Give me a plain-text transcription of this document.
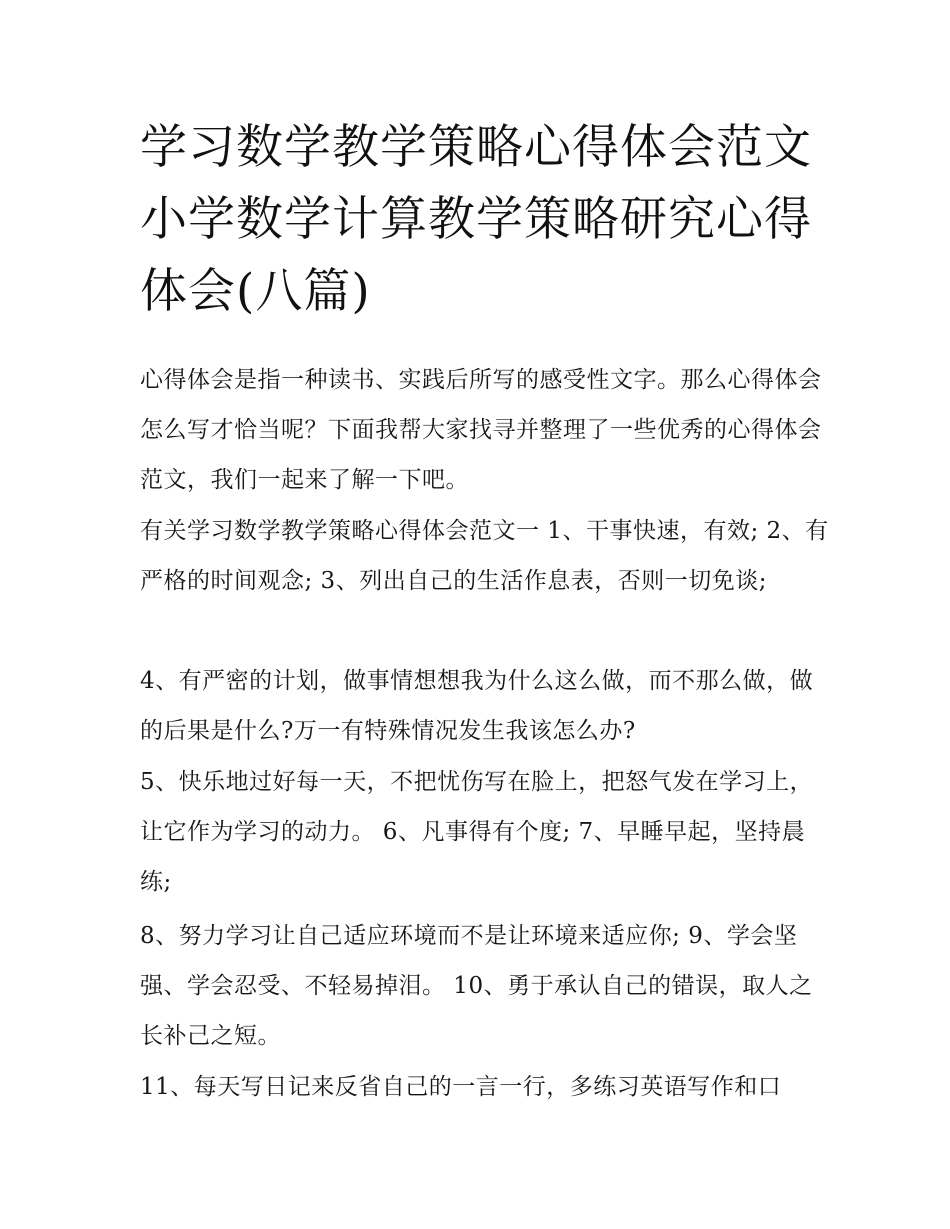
学习数学教学策略心得体会范文 小学数学计算教学策略研究心得体会(八篇)

心得体会是指一种读书、实践后所写的感受性文字。那么心得体会怎么写才恰当呢？下面我帮大家找寻并整理了一些优秀的心得体会范文，我们一起来了解一下吧。

有关学习数学教学策略心得体会范文一 1、干事快速，有效; 2、有严格的时间观念; 3、列出自己的生活作息表，否则一切免谈;

4、有严密的计划，做事情想想我为什么这么做，而不那么做，做的后果是什么?万一有特殊情况发生我该怎么办?

5、快乐地过好每一天，不把忧伤写在脸上，把怒气发在学习上，让它作为学习的动力。 6、凡事得有个度; 7、早睡早起，坚持晨练;

8、努力学习让自己适应环境而不是让环境来适应你; 9、学会坚强、学会忍受、不轻易掉泪。 10、勇于承认自己的错误，取人之长补己之短。

11、每天写日记来反省自己的一言一行，多练习英语写作和口
